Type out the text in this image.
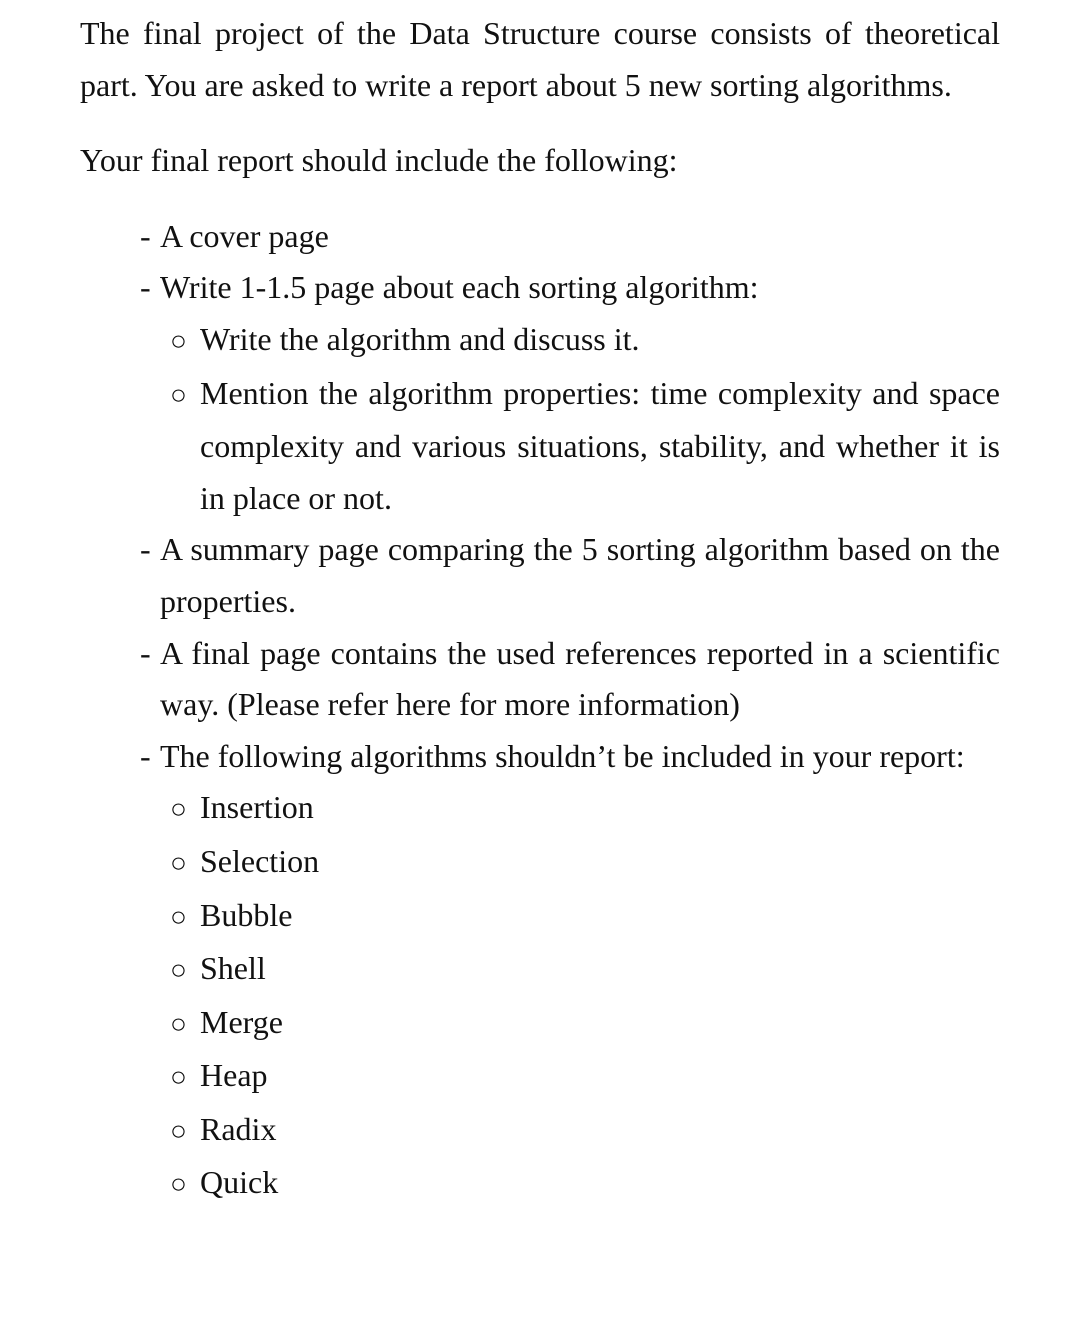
The final project of the Data Structure course consists of theoretical part. You are asked to write a report about 5 new sorting algorithms.

Your final report should include the following:

- A cover page
- Write 1-1.5 page about each sorting algorithm:
○ Write the algorithm and discuss it.
○ Mention the algorithm properties: time complexity and space complexity and various situations, stability, and whether it is in place or not.
- A summary page comparing the 5 sorting algorithm based on the properties.
- A final page contains the used references reported in a scientific way. (Please refer here for more information)
- The following algorithms shouldn’t be included in your report:
○ Insertion
○ Selection
○ Bubble
○ Shell
○ Merge
○ Heap
○ Radix
○ Quick
